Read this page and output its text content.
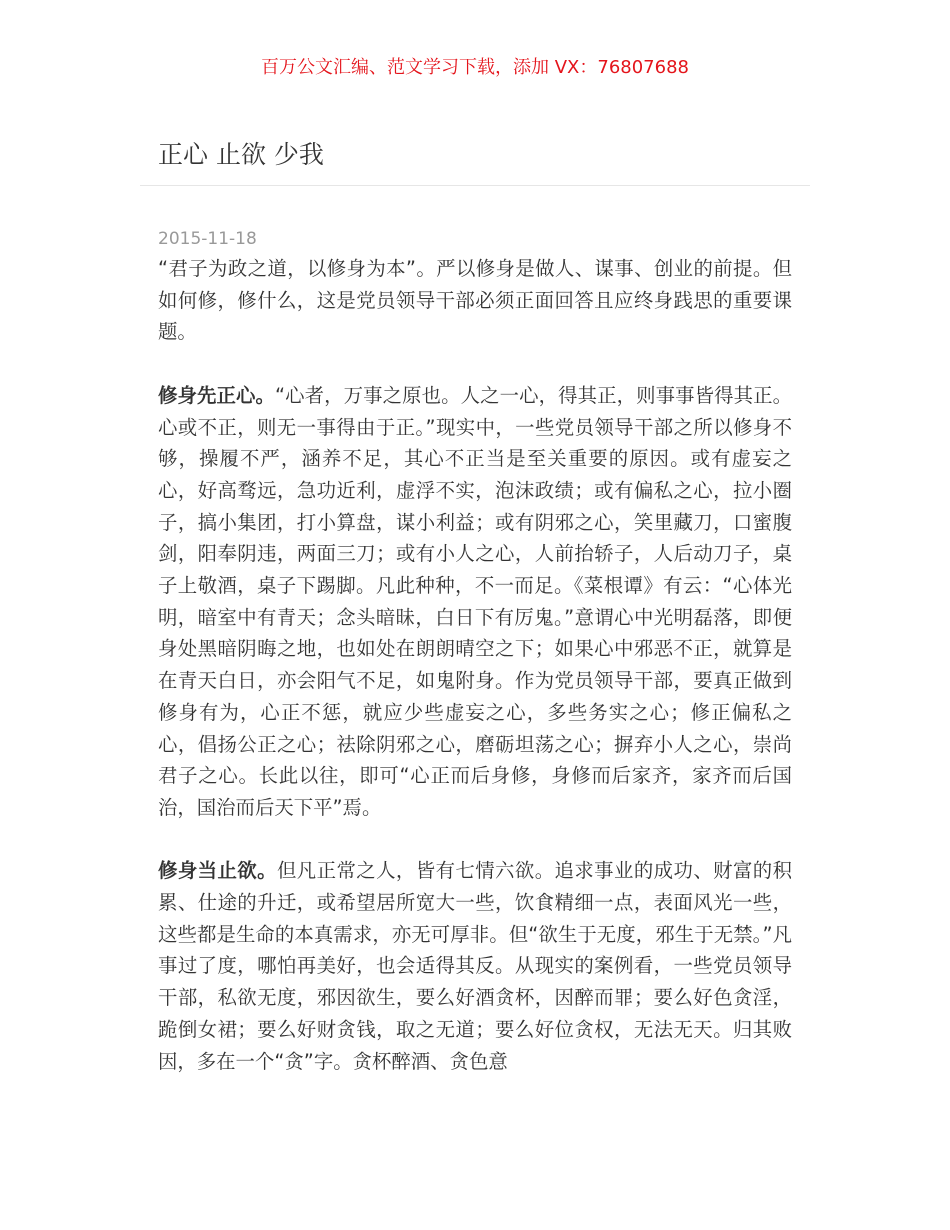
百万公文汇编、范文学习下载，添加 VX：76807688
正心 止欲 少我
2015-11-18

“君子为政之道，以修身为本”。严以修身是做人、谋事、创业的前提。但如何修，修什么，这是党员领导干部必须正面回答且应终身践思的重要课题。

修身先正心。“心者，万事之原也。人之一心，得其正，则事事皆得其正。心或不正，则无一事得由于正。”现实中，一些党员领导干部之所以修身不够，操履不严，涵养不足，其心不正当是至关重要的原因。或有虚妄之心，好高骛远，急功近利，虚浮不实，泡沫政绩；或有偏私之心，拉小圈子，搞小集团，打小算盘，谋小利益；或有阴邪之心，笑里藏刀，口蜜腹剑，阳奉阴违，两面三刀；或有小人之心，人前抬轿子，人后动刀子，桌子上敬酒，桌子下踢脚。凡此种种，不一而足。《菜根谭》有云：“心体光明，暗室中有青天；念头暗昧，白日下有厉鬼。”意谓心中光明磊落，即便身处黑暗阴晦之地，也如处在朗朗晴空之下；如果心中邪恶不正，就算是在青天白日，亦会阳气不足，如鬼附身。作为党员领导干部，要真正做到修身有为，心正不惩，就应少些虚妄之心，多些务实之心；修正偏私之心，倡扬公正之心；祛除阴邪之心，磨砺坦荡之心；摒弃小人之心，崇尚君子之心。长此以往，即可“心正而后身修，身修而后家齐，家齐而后国治，国治而后天下平”焉。

修身当止欲。但凡正常之人，皆有七情六欲。追求事业的成功、财富的积累、仕途的升迁，或希望居所宽大一些，饮食精细一点，表面风光一些，这些都是生命的本真需求，亦无可厚非。但“欲生于无度，邪生于无禁。”凡事过了度，哪怕再美好，也会适得其反。从现实的案例看，一些党员领导干部，私欲无度，邪因欲生，要么好酒贪杯，因醉而罪；要么好色贪淫，跪倒女裙；要么好财贪钱，取之无道；要么好位贪权，无法无天。归其败因，多在一个“贪”字。贪杯醉酒、贪色意
